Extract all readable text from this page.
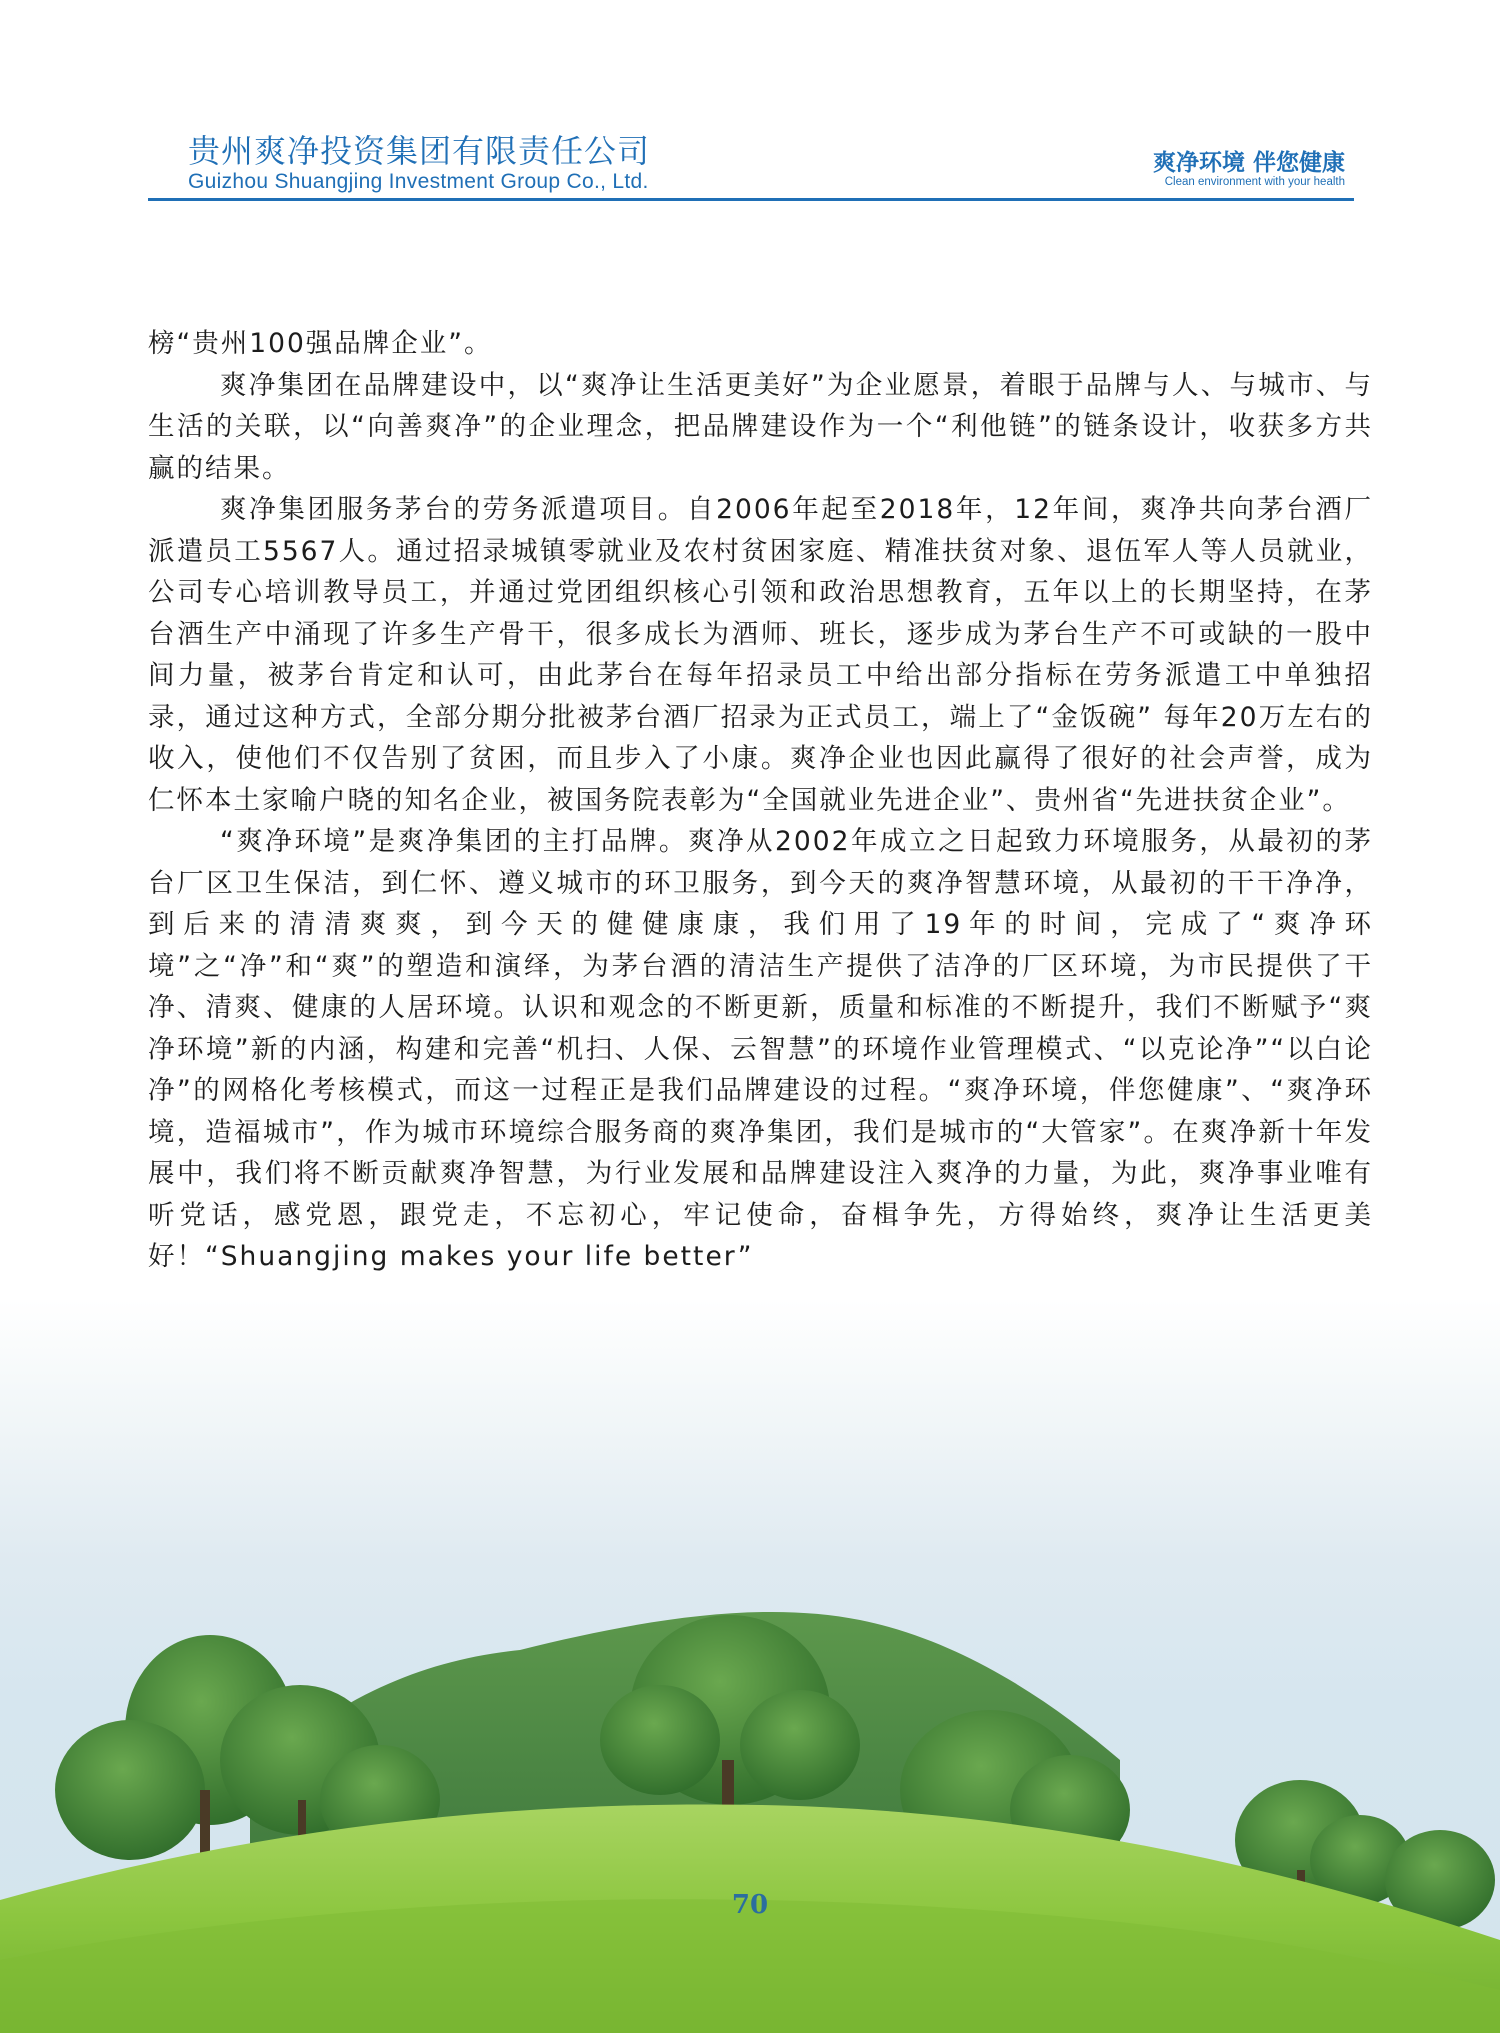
贵州爽净投资集团有限责任公司
Guizhou Shuangjing Investment Group Co., Ltd.
爽净环境 伴您健康
Clean environment with your health

榜“贵州100强品牌企业”。

爽净集团在品牌建设中，以“爽净让生活更美好”为企业愿景，着眼于品牌与人、与城市、与生活的关联，以“向善爽净”的企业理念，把品牌建设作为一个“利他链”的链条设计，收获多方共赢的结果。

爽净集团服务茅台的劳务派遣项目。自2006年起至2018年，12年间，爽净共向茅台酒厂派遣员工5567人。通过招录城镇零就业及农村贫困家庭、精准扶贫对象、退伍军人等人员就业，公司专心培训教导员工，并通过党团组织核心引领和政治思想教育，五年以上的长期坚持，在茅台酒生产中涌现了许多生产骨干，很多成长为酒师、班长，逐步成为茅台生产不可或缺的一股中间力量，被茅台肯定和认可，由此茅台在每年招录员工中给出部分指标在劳务派遣工中单独招录，通过这种方式，全部分期分批被茅台酒厂招录为正式员工，端上了“金饭碗” 每年20万左右的收入，使他们不仅告别了贫困，而且步入了小康。爽净企业也因此赢得了很好的社会声誉，成为仁怀本土家喻户晓的知名企业，被国务院表彰为“全国就业先进企业”、贵州省“先进扶贫企业”。

“爽净环境”是爽净集团的主打品牌。爽净从2002年成立之日起致力环境服务，从最初的茅台厂区卫生保洁，到仁怀、遵义城市的环卫服务，到今天的爽净智慧环境，从最初的干干净净，到后来的清清爽爽，到今天的健健康康，我们用了19年的时间，完成了“爽净环境”之“净”和“爽”的塑造和演绎，为茅台酒的清洁生产提供了洁净的厂区环境，为市民提供了干净、清爽、健康的人居环境。认识和观念的不断更新，质量和标准的不断提升，我们不断赋予“爽净环境”新的内涵，构建和完善“机扫、人保、云智慧”的环境作业管理模式、“以克论净”“以白论净”的网格化考核模式，而这一过程正是我们品牌建设的过程。“爽净环境，伴您健康”、“爽净环境，造福城市”，作为城市环境综合服务商的爽净集团，我们是城市的“大管家”。在爽净新十年发展中，我们将不断贡献爽净智慧，为行业发展和品牌建设注入爽净的力量，为此，爽净事业唯有听党话，感党恩，跟党走，不忘初心，牢记使命，奋楫争先，方得始终，爽净让生活更美好！“Shuangjing makes your life better”

70
